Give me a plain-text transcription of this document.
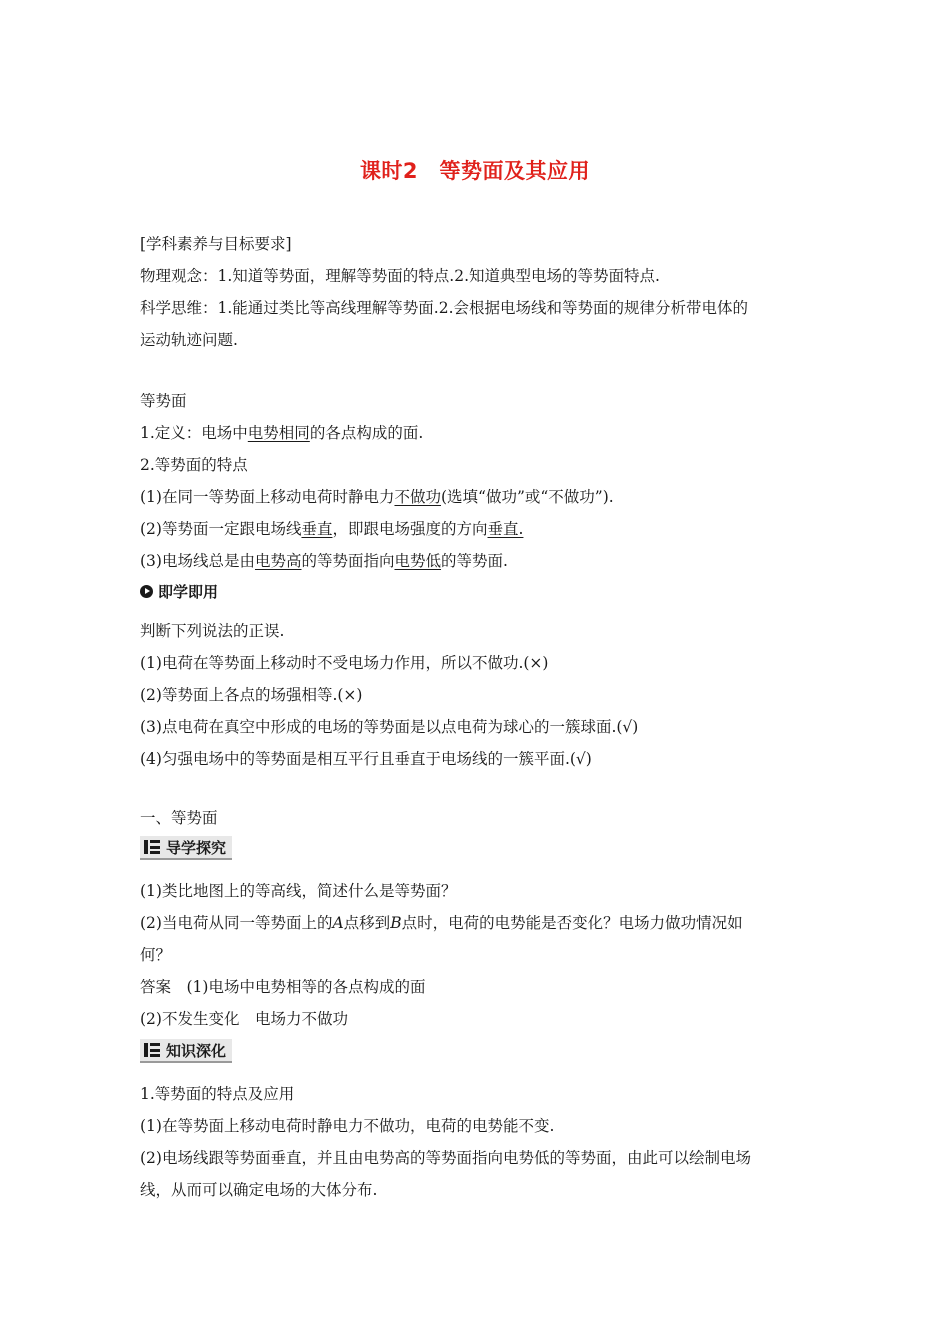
课时2　等势面及其应用
[学科素养与目标要求]
物理观念：1.知道等势面，理解等势面的特点.2.知道典型电场的等势面特点.
科学思维：1.能通过类比等高线理解等势面.2.会根据电场线和等势面的规律分析带电体的
运动轨迹问题.
等势面
1.定义：电场中电势相同的各点构成的面.
2.等势面的特点
(1)在同一等势面上移动电荷时静电力不做功(选填“做功”或“不做功”).
(2)等势面一定跟电场线垂直，即跟电场强度的方向垂直.
(3)电场线总是由电势高的等势面指向电势低的等势面.
即学即用
判断下列说法的正误.
(1)电荷在等势面上移动时不受电场力作用，所以不做功.(×)
(2)等势面上各点的场强相等.(×)
(3)点电荷在真空中形成的电场的等势面是以点电荷为球心的一簇球面.(√)
(4)匀强电场中的等势面是相互平行且垂直于电场线的一簇平面.(√)
一、等势面
导学探究
(1)类比地图上的等高线，简述什么是等势面？
(2)当电荷从同一等势面上的A点移到B点时，电荷的电势能是否变化？电场力做功情况如
何？
答案　(1)电场中电势相等的各点构成的面
(2)不发生变化　电场力不做功
知识深化
1.等势面的特点及应用
(1)在等势面上移动电荷时静电力不做功，电荷的电势能不变.
(2)电场线跟等势面垂直，并且由电势高的等势面指向电势低的等势面，由此可以绘制电场
线，从而可以确定电场的大体分布.
